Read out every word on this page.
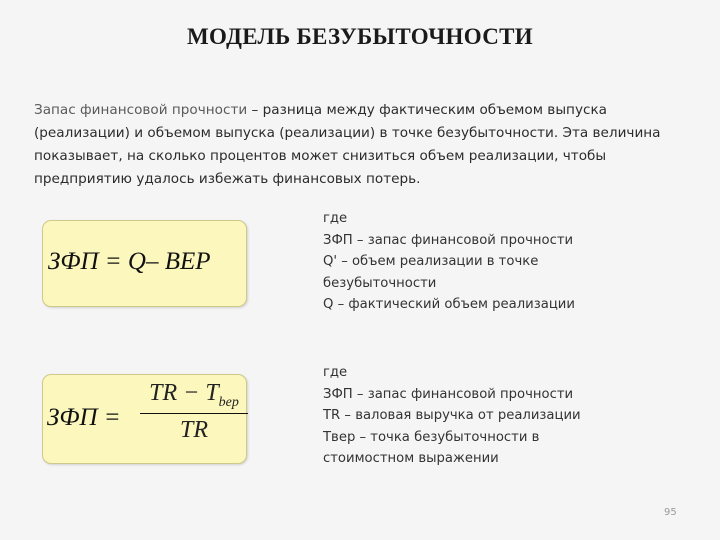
МОДЕЛЬ БЕЗУБЫТОЧНОСТИ
Запас финансовой прочности – разница между фактическим объемом выпуска (реализации) и объемом выпуска (реализации) в точке безубыточности. Эта величина показывает, на сколько процентов может снизиться объем реализации, чтобы предприятию удалось избежать финансовых потерь.
ЗФП = Q– BEP
где
ЗФП – запас финансовой прочности
Q' – объем реализации в точке
безубыточности
Q – фактический объем реализации
ЗФП =
TR − $T_{bep}$
TR
где
ЗФП – запас финансовой прочности
TR – валовая выручка от реализации
Tвер – точка безубыточности в
стоимостном выражении
95
